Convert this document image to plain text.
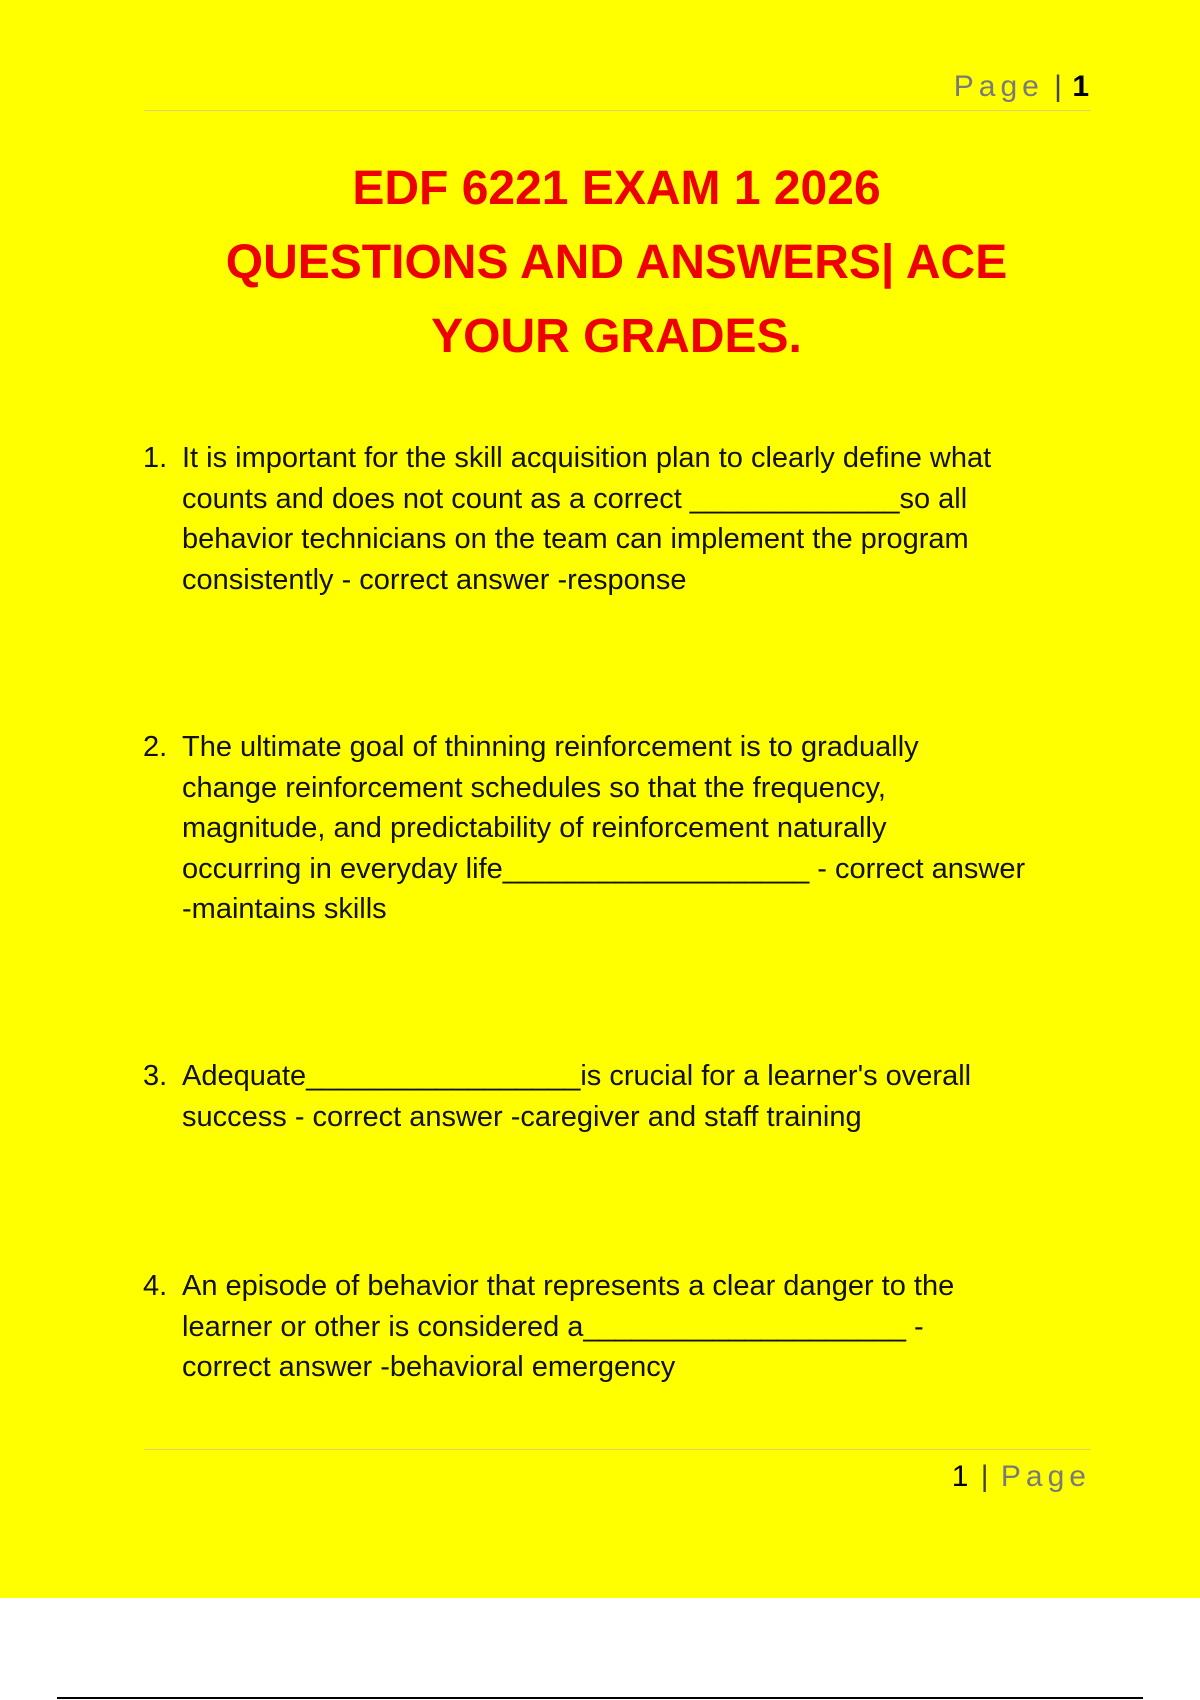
Page | 1
EDF 6221 EXAM 1 2026
QUESTIONS AND ANSWERS| ACE
YOUR GRADES.
1. It is important for the skill acquisition plan to clearly define what
counts and does not count as a correct _____________so all
behavior technicians on the team can implement the program
consistently - correct answer -response
2. The ultimate goal of thinning reinforcement is to gradually
change reinforcement schedules so that the frequency,
magnitude, and predictability of reinforcement naturally
occurring in everyday life___________________ - correct answer
-maintains skills
3. Adequate_________________is crucial for a learner's overall
success - correct answer -caregiver and staff training
4. An episode of behavior that represents a clear danger to the
learner or other is considered a____________________ -
correct answer -behavioral emergency
1 | Page
